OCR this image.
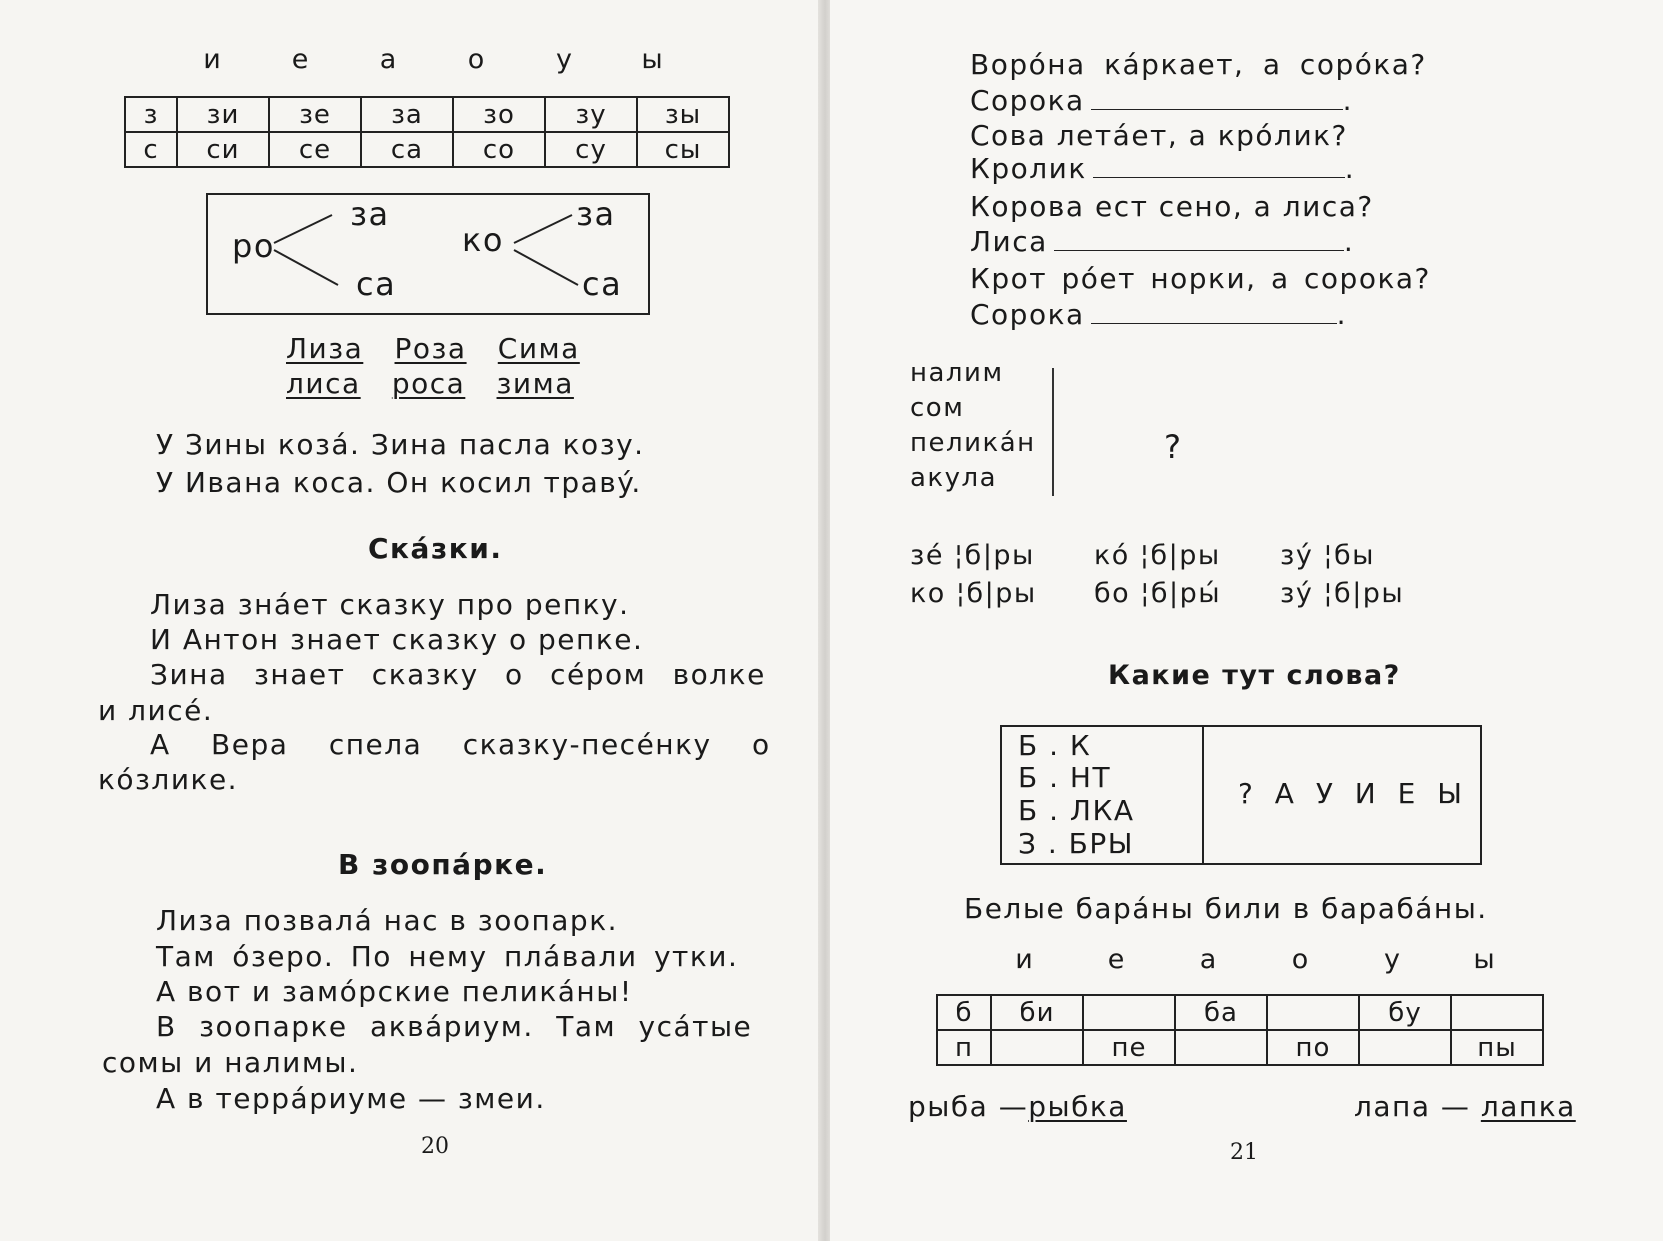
и	е	а	о	у	ы
з	зи	зе	за	зо	зу	зы
с	си	се	са	со	су	сы
ро
за
са
ко
за
са
Лиза Роза Сима
лиса роса зима
У Зины козá. Зина пасла козу.
У Ивана коса. Он косил травý.
Скáзки.
Лиза знáет сказку про репку.
И Антон знает сказку о репке.
Зина знает сказку о сéром волке
и лисé.
А Вера спела сказку-песéнку о
кóзлике.
В зоопáрке.
Лиза позвалá нас в зоопарк.
Там óзеро. По нему плáвали утки.
А вот и замóрские пеликáны!
В зоопарке аквáриум. Там усáтые
сомы и налимы.
А в террáриуме — змеи.
20
Ворóна кáркает, а сорóка?
Сорока	.
Сова летáет, а крóлик?
Кролик	.
Корова ест сено, а лиса?
Лиса	.
Крот рóет норки, а сорока?
Сорока	.
налим
сом
пеликáн
акула
?
зé ¦б|ры кó ¦б|ры зý ¦бы
ко ¦б|ры бо ¦б|ры́ зý ¦б|ры
Какие тут слова?
Б . К
Б . НТ
Б . ЛКА
З . БРЫ
? А У И Е Ы
Белые барáны били в барабáны.
и	е	а	о	у	ы
б	би		ба		бу	
п		пе		по		пы
рыба —рыбка	лапа — лапка
21
